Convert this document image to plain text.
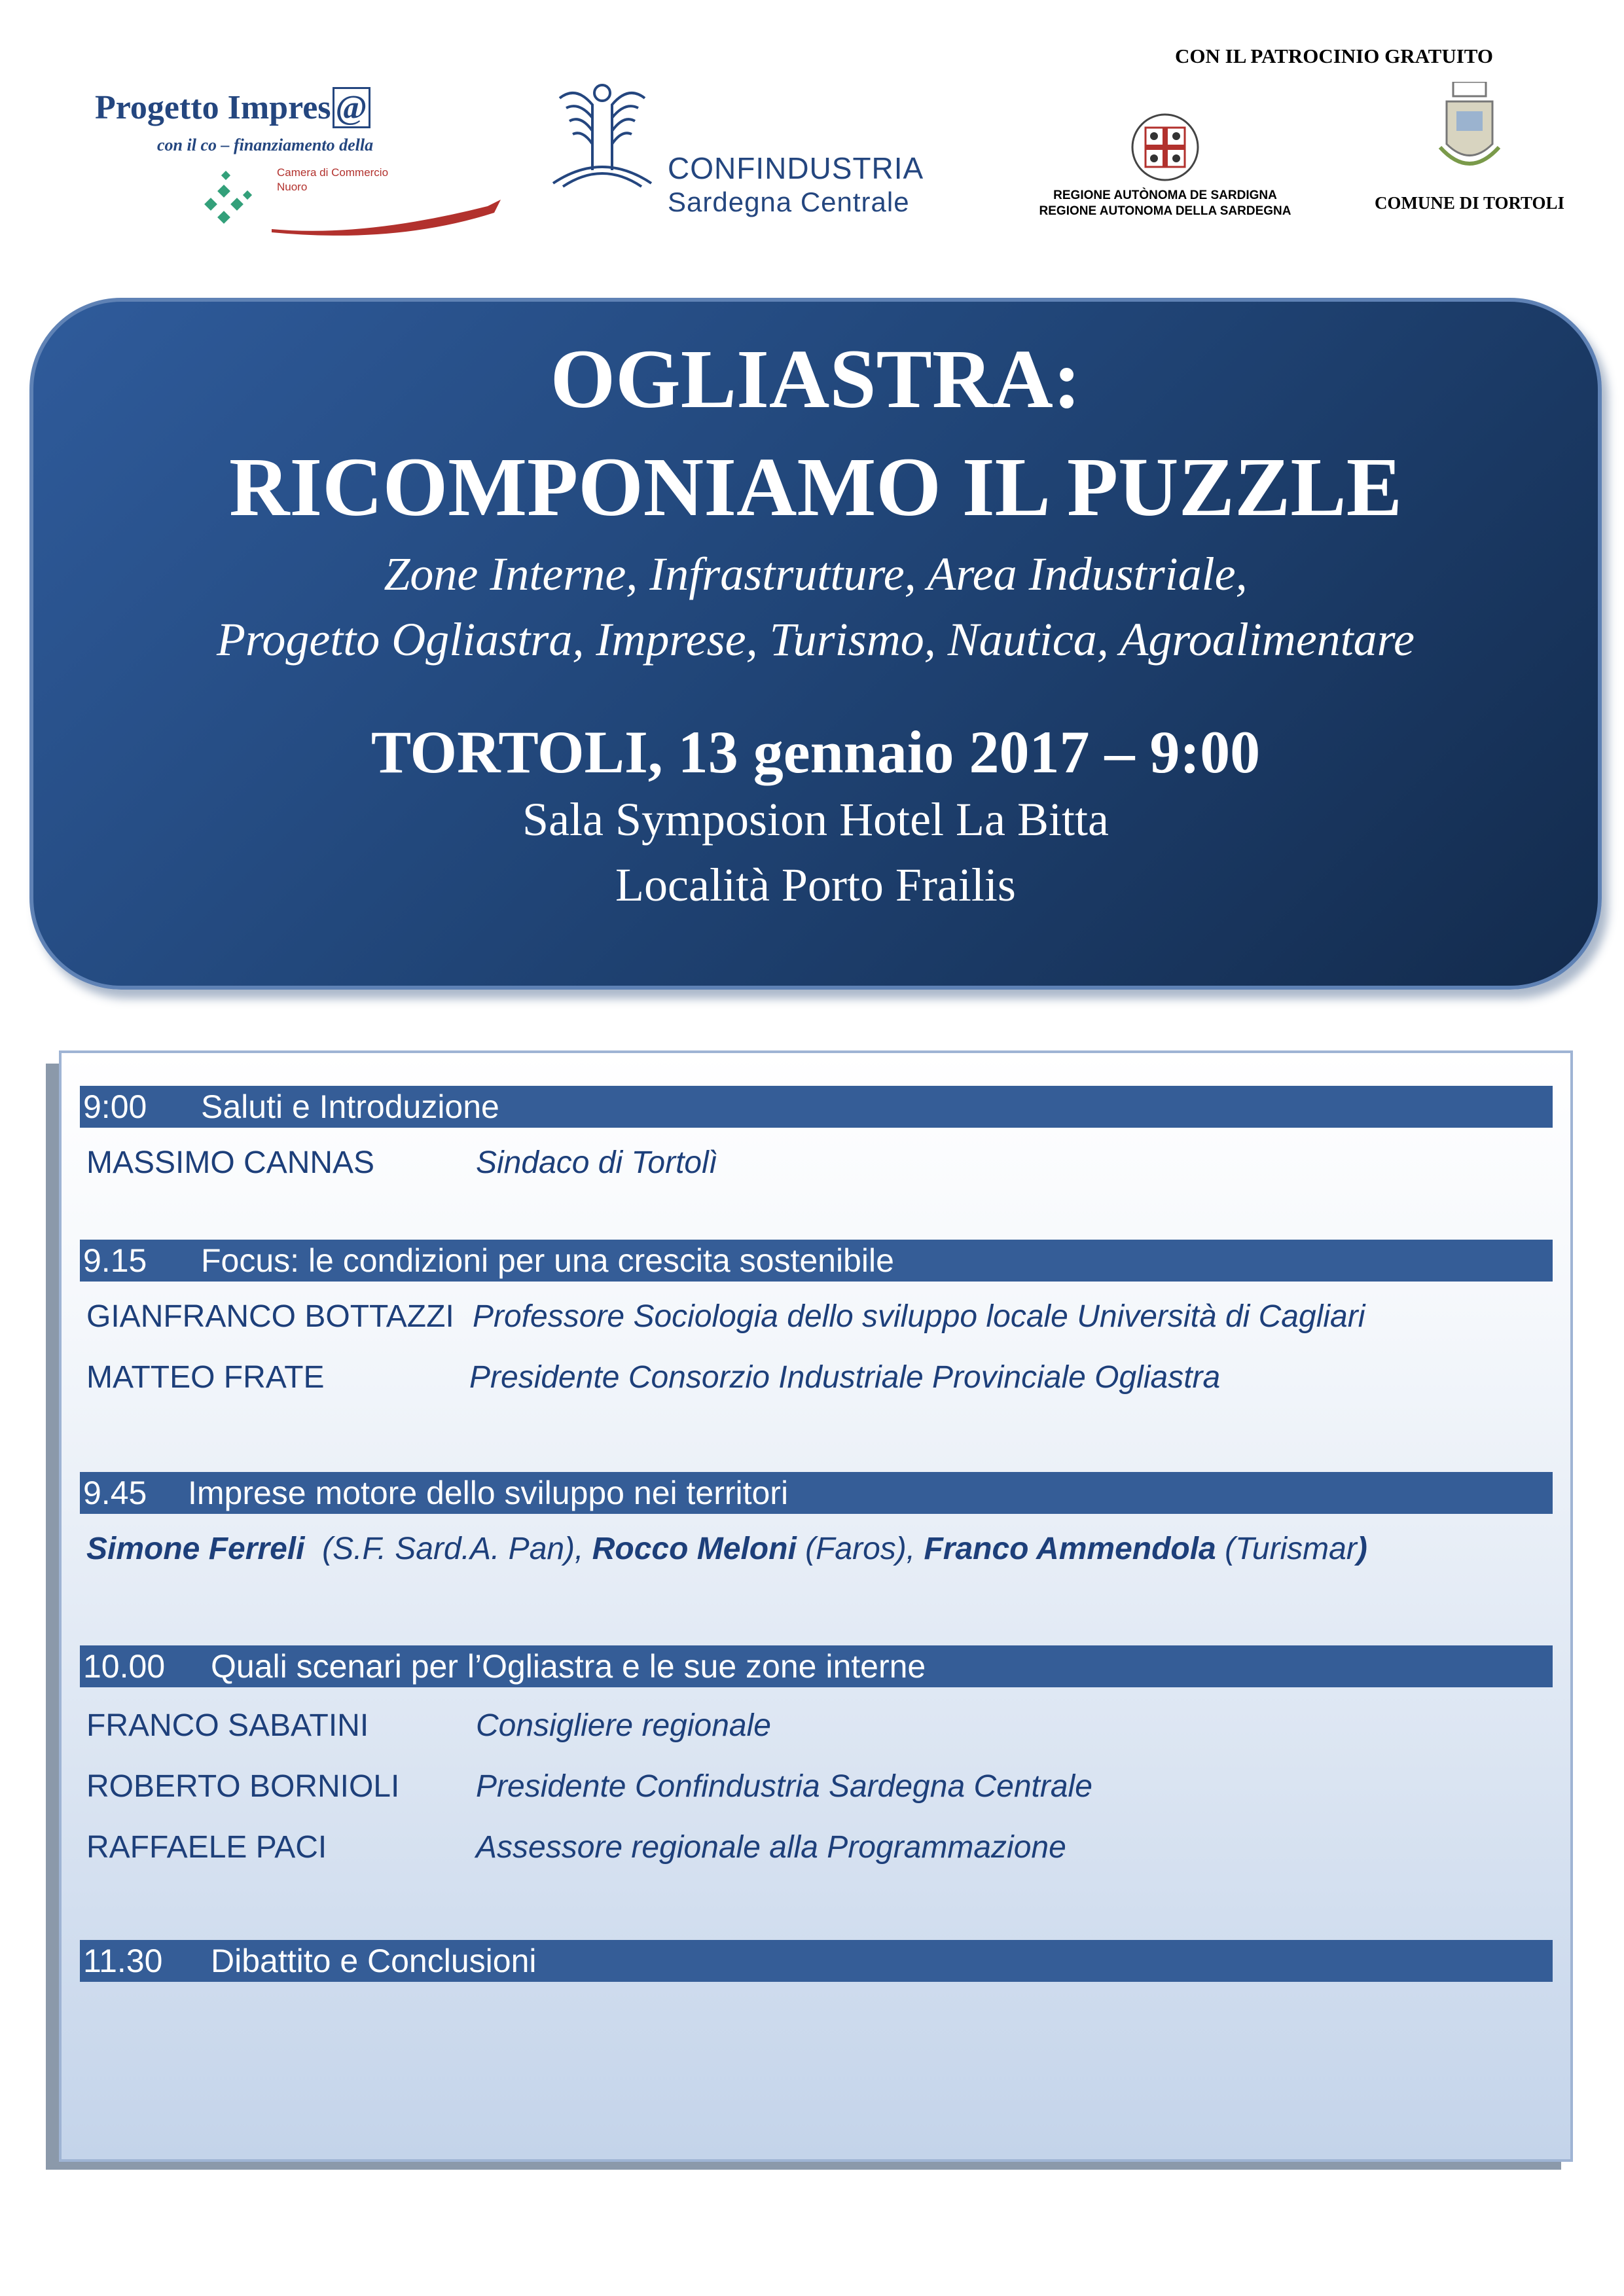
Progetto Impres @
con il co – finanziamento della
Camera di Commercio
Nuoro
CONFINDUSTRIA
Sardegna Centrale
CON IL PATROCINIO GRATUITO
REGIONE AUTÒNOMA DE SARDIGNA
REGIONE AUTONOMA DELLA SARDEGNA	COMUNE DI TORTOLI
OGLIASTRA:
RICOMPONIAMO IL PUZZLE
Zone Interne, Infrastrutture, Area Industriale,
Progetto Ogliastra, Imprese, Turismo, Nautica, Agroalimentare
TORTOLI, 13 gennaio 2017 – 9:00
Sala Symposion Hotel La Bitta
Località Porto Frailis
9:00 Saluti e Introduzione
MASSIMO CANNAS	Sindaco di Tortolì
9.15 Focus: le condizioni per una crescita sostenibile
GIANFRANCO BOTTAZZI Professore Sociologia dello sviluppo locale Università di Cagliari
MATTEO FRATE	Presidente Consorzio Industriale Provinciale Ogliastra
9.45 Imprese motore dello sviluppo nei territori
Simone Ferreli  (S.F. Sard.A. Pan), Rocco Meloni (Faros), Franco Ammendola (Turismar)
10.00 Quali scenari per l’Ogliastra e le sue zone interne
FRANCO SABATINI	Consigliere regionale
ROBERTO BORNIOLI Presidente Confindustria Sardegna Centrale
RAFFAELE PACI	Assessore regionale alla Programmazione
11.30 Dibattito e Conclusioni
